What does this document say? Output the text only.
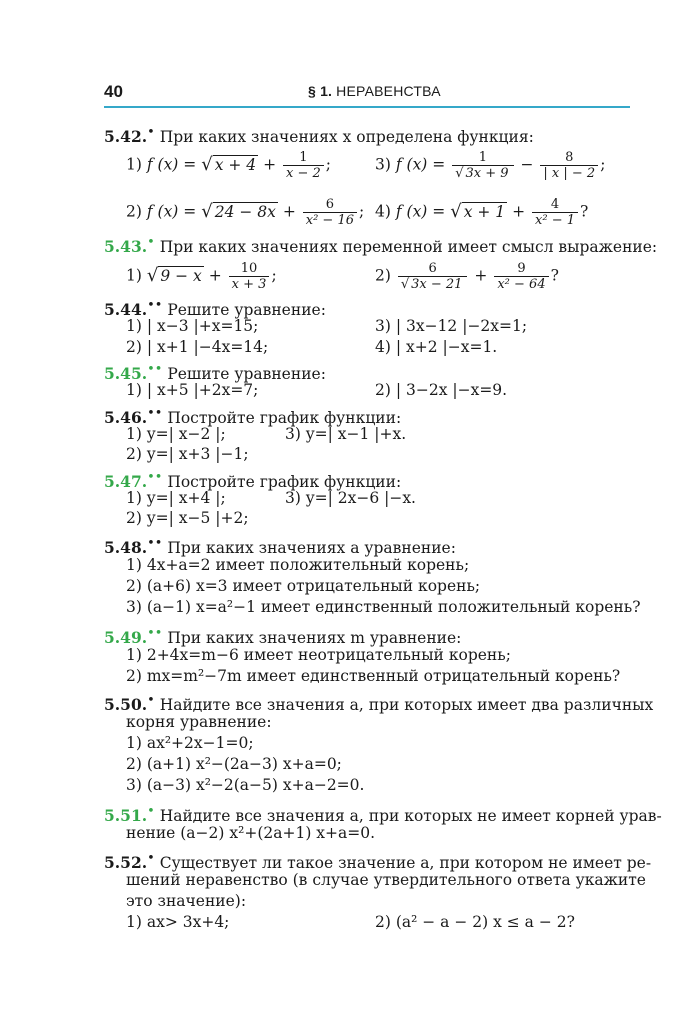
40	§ 1. НЕРАВЕНСТВА
5.42.• При каких значениях x определена функция:
1) f (x) = √ $x + 4 + \frac{1}{x - 2}$ ;	3) f $(x) = \frac{1}{√ 3x + 9} - \frac{8}{| x | - 2}$ ;
2) f (x) = √ $24 - 8x + \frac{6}{\text{x² − 16}}$ ; 4) f (x) = √ $x + 1 + \frac{4}{\text{x² − 1}}$ ?
5.43.• При каких значениях переменной имеет смысл выражение:
1) √ $9 - x + \frac{10}{x + 3}$ ;	$2) \frac{6}{√ 3x - 21} + \frac{9}{\text{x² − 64}}$ ?
5.44.•• Решите уравнение:
1) | x−3 |+x=15;	3) | 3x−12 |−2x=1;
2) | x+1 |−4x=14;	4) | x+2 |−x=1.
5.45.•• Решите уравнение:
1) | x+5 |+2x=7;	2) | 3−2x |−x=9.
5.46.•• Постройте график функции:
1) y=| x−2 |;	3) y=| x−1 |+x.
2) y=| x+3 |−1;
5.47.•• Постройте график функции:
1) y=| x+4 |;	3) y=| 2x−6 |−x.
2) y=| x−5 |+2;
5.48.•• При каких значениях a уравнение:
1) 4x+a=2 имеет положительный корень;
2) (a+6) x=3 имеет отрицательный корень;
3) (a−1) x=a²−1 имеет единственный положительный корень?
5.49.•• При каких значениях m уравнение:
1) 2+4x=m−6 имеет неотрицательный корень;
2) mx=m²−7m имеет единственный отрицательный корень?
5.50.• Найдите все значения a, при которых имеет два различных
корня уравнение:
1) ax²+2x−1=0;
2) (a+1) x²−(2a−3) x+a=0;
3) (a−3) x²−2(a−5) x+a−2=0.
5.51.• Найдите все значения a, при которых не имеет корней урав-
нение (a−2) x²+(2a+1) x+a=0.
5.52.• Существует ли такое значение a, при котором не имеет ре-
шений неравенство (в случае утвердительного ответа укажите
это значение):
1) ax> 3x+4;	2) (a² − a − 2) x ≤ a − 2?
